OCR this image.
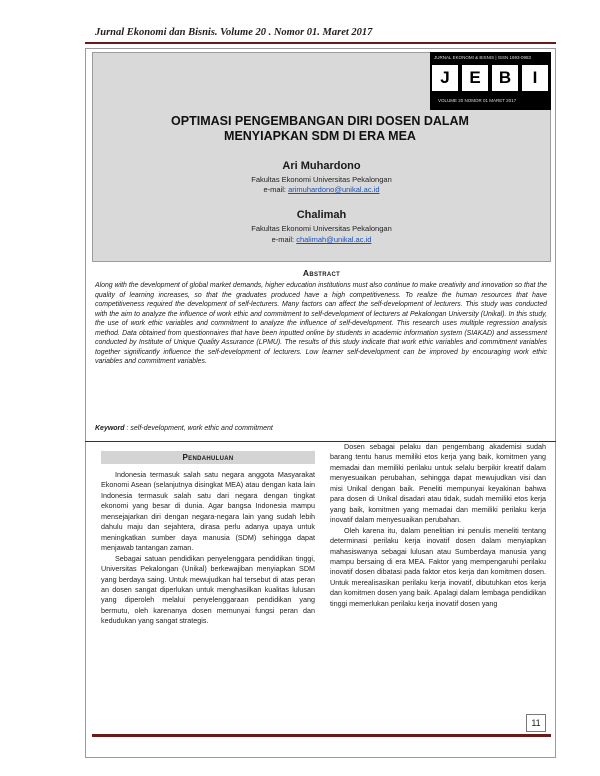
Jurnal Ekonomi dan Bisnis. Volume 20 . Nomor 01. Maret 2017
JURNAL EKONOMI & BISNIS | ISSN 1693-0983
J	E	B	I
VOLUME 20 NOMOR 01 MARET 2017
OPTIMASI PENGEMBANGAN DIRI DOSEN DALAM MENYIAPKAN SDM DI ERA MEA
Ari Muhardono
Fakultas Ekonomi Universitas Pekalongan
e-mail: arimuhardono@unikal.ac.id
Chalimah
Fakultas Ekonomi Universitas Pekalongan
e-mail: chalimah@unikal.ac.id
Abstract
Along with the development of global market demands, higher education institutions must also continue to make creativity and innovation so that the quality of learning increases, so that the graduates produced have a high competitiveness. To realize the human resources that have competitiveness required the development of self-lecturers. Many factors can affect the self-development of lecturers. This study was conducted with the aim to analyze the influence of work ethic and commitment to self-development of lecturers at Pekalongan University (Unikal). In this study, the use of work ethic variables and commitment to analyze the influence of self-development. This research uses multiple regression analysis method. Data obtained from questionnaires that have been inputted online by students in academic information system (SIAKAD) and assessment conducted by Institute of Unique Quality Assurance (LPMU). The results of this study indicate that work ethic variables and commitment variables together significantly influence the self-development of lecturers. Low learner self-development can be improved by encouraging work ethic variables and commitment variables.
Keyword : self-development, work ethic and commitment
Pendahuluan

Indonesia termasuk salah satu negara anggota Masyarakat Ekonomi Asean (selanjutnya disingkat MEA) atau dengan kata lain Indonesia termasuk salah satu dari negara dengan tingkat ekonomi yang besar di dunia. Agar bangsa Indonesia mampu mensejajarkan diri dengan negara-negara lain yang sudah lebih dahulu maju dan sejahtera, dirasa perlu adanya upaya untuk meningkatkan sumber daya manusia (SDM) sehingga dapat menjawab tantangan zaman.

Sebagai satuan pendidikan penyelenggara pendidikan tinggi, Universitas Pekalongan (Unikal) berkewajiban menyiapkan SDM yang berdaya saing. Untuk mewujudkan hal tersebut di atas peran an dosen sangat diperlukan untuk menghasilkan kualitas lulusan yang diperoleh melalui penyelenggaraan pendidikan yang bermutu, oleh karenanya dosen memunyai fungsi peran dan kedudukan yang sangat strategis.

Dosen sebagai pelaku dan pengembang akademisi sudah barang tentu harus memiliki etos kerja yang baik, komitmen yang memadai dan memiliki perilaku untuk selalu berpikir kreatif dalam menyesuaikan perubahan, sehingga dapat mewujudkan visi dan misi Unikal dengan baik. Peneliti mempunyai keyakinan bahwa para dosen di Unikal disadari atau tidak, sudah memiliki etos kerja yang baik, komitmen yang memadai dan memiliki perilaku kerja inovatif dalam menyesuaikan perubahan.

Oleh karena itu, dalam penelitian ini penulis meneliti tentang determinasi perilaku kerja inovatif dosen dalam menyiapkan mahasiswanya sebagai lulusan atau Sumberdaya manusia yang mampu bersaing di era MEA. Faktor yang mempengaruhi perilaku inovatif dosen dibatasi pada faktor etos kerja dan komitmen dosen. Untuk merealisasikan perilaku kerja inovatif, dibutuhkan etos kerja dan komitmen dosen yang baik. Apalagi dalam lembaga pendidikan tinggi memerlukan perilaku kerja inovatif dosen yang

11
